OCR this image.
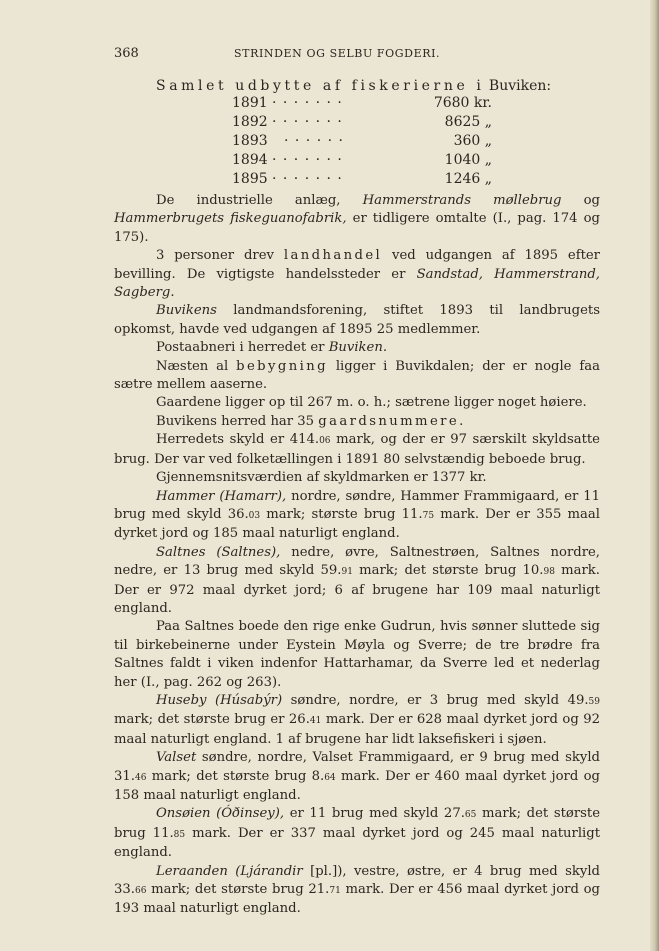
368	STRINDEN OG SELBU FOGDERI.
Samlet udbytte af fiskerierne i Buviken:
1891 · · · · · · ·	7680 kr.
1892 · · · · · · ·	8625 „
1893 · · · · · ·	360 „
1894 · · · · · · ·	1040 „
1895 · · · · · · ·	1246 „

De industrielle anlæg, Hammerstrands møllebrug og Hammerbrugets fiskeguanofabrik, er tidligere omtalte (I., pag. 174 og 175).

3 personer drev landhandel ved udgangen af 1895 efter bevilling. De vigtigste handelssteder er Sandstad, Hammerstrand, Sagberg.

Buvikens landmandsforening, stiftet 1893 til landbrugets opkomst, havde ved udgangen af 1895 25 medlemmer.

Postaabneri i herredet er Buviken.

Næsten al bebygning ligger i Buvikdalen; der er nogle faa sætre mellem aaserne.

Gaardene ligger op til 267 m. o. h.; sætrene ligger noget høiere.

Buvikens herred har 35 gaardsnummere.

Herredets skyld er 414.06 mark, og der er 97 særskilt skyldsatte brug. Der var ved folketællingen i 1891 80 selvstændig beboede brug.

Gjennemsnitsværdien af skyldmarken er 1377 kr.

Hammer (Hamarr), nordre, søndre, Hammer Frammigaard, er 11 brug med skyld 36.03 mark; største brug 11.75 mark. Der er 355 maal dyrket jord og 185 maal naturligt england.

Saltnes (Saltnes), nedre, øvre, Saltnestrøen, Saltnes nordre, nedre, er 13 brug med skyld 59.91 mark; det største brug 10.98 mark. Der er 972 maal dyrket jord; 6 af brugene har 109 maal naturligt england.

Paa Saltnes boede den rige enke Gudrun, hvis sønner sluttede sig til birkebeinerne under Eystein Møyla og Sverre; de tre brødre fra Saltnes faldt i viken indenfor Hattarhamar, da Sverre led et nederlag her (I., pag. 262 og 263).

Huseby (Húsabýr) søndre, nordre, er 3 brug med skyld 49.59 mark; det største brug er 26.41 mark. Der er 628 maal dyrket jord og 92 maal naturligt england. 1 af brugene har lidt laksefiskeri i sjøen.

Valset søndre, nordre, Valset Frammigaard, er 9 brug med skyld 31.46 mark; det største brug 8.64 mark. Der er 460 maal dyrket jord og 158 maal naturligt england.

Onsøien (Óðinsey), er 11 brug med skyld 27.65 mark; det største brug 11.85 mark. Der er 337 maal dyrket jord og 245 maal naturligt england.

Leraanden (Ljárandir [pl.]), vestre, østre, er 4 brug med skyld 33.66 mark; det største brug 21.71 mark. Der er 456 maal dyrket jord og 193 maal naturligt england.
